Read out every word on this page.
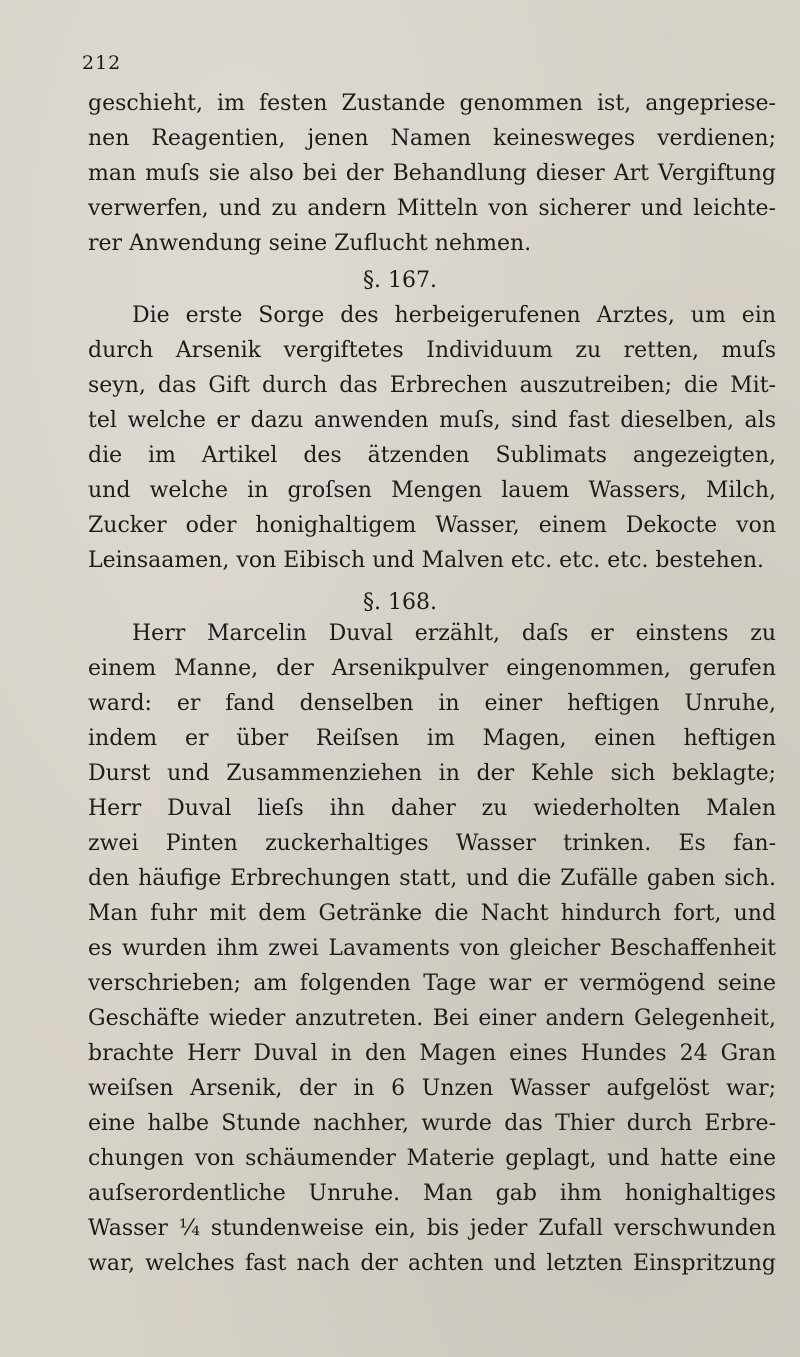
212
geschieht, im festen Zustande genommen ist, angepriese-
nen Reagentien, jenen Namen keinesweges verdienen;
man muſs sie also bei der Behandlung dieser Art Vergiftung
verwerfen, und zu andern Mitteln von sicherer und leichte-
rer Anwendung seine Zuflucht nehmen.
§. 167.
Die erste Sorge des herbeigerufenen Arztes, um ein
durch Arsenik vergiftetes Individuum zu retten, muſs
seyn, das Gift durch das Erbrechen auszutreiben; die Mit-
tel welche er dazu anwenden muſs, sind fast dieselben, als
die im Artikel des ätzenden Sublimats angezeigten,
und welche in groſsen Mengen lauem Wassers, Milch,
Zucker oder honighaltigem Wasser, einem Dekocte von
Leinsaamen, von Eibisch und Malven etc. etc. etc. bestehen.
§. 168.
Herr Marcelin Duval erzählt, daſs er einstens zu
einem Manne, der Arsenikpulver eingenommen, gerufen
ward: er fand denselben in einer heftigen Unruhe,
indem er über Reiſsen im Magen, einen heftigen
Durst und Zusammenziehen in der Kehle sich beklagte;
Herr Duval lieſs ihn daher zu wiederholten Malen
zwei Pinten zuckerhaltiges Wasser trinken. Es fan-
den häufige Erbrechungen statt, und die Zufälle gaben sich.
Man fuhr mit dem Getränke die Nacht hindurch fort, und
es wurden ihm zwei Lavaments von gleicher Beschaffenheit
verschrieben; am folgenden Tage war er vermögend seine
Geschäfte wieder anzutreten. Bei einer andern Gelegenheit,
brachte Herr Duval in den Magen eines Hundes 24 Gran
weiſsen Arsenik, der in 6 Unzen Wasser aufgelöst war;
eine halbe Stunde nachher, wurde das Thier durch Erbre-
chungen von schäumender Materie geplagt, und hatte eine
auſserordentliche Unruhe. Man gab ihm honighaltiges
Wasser ¼ stundenweise ein, bis jeder Zufall verschwunden
war, welches fast nach der achten und letzten Einspritzung
